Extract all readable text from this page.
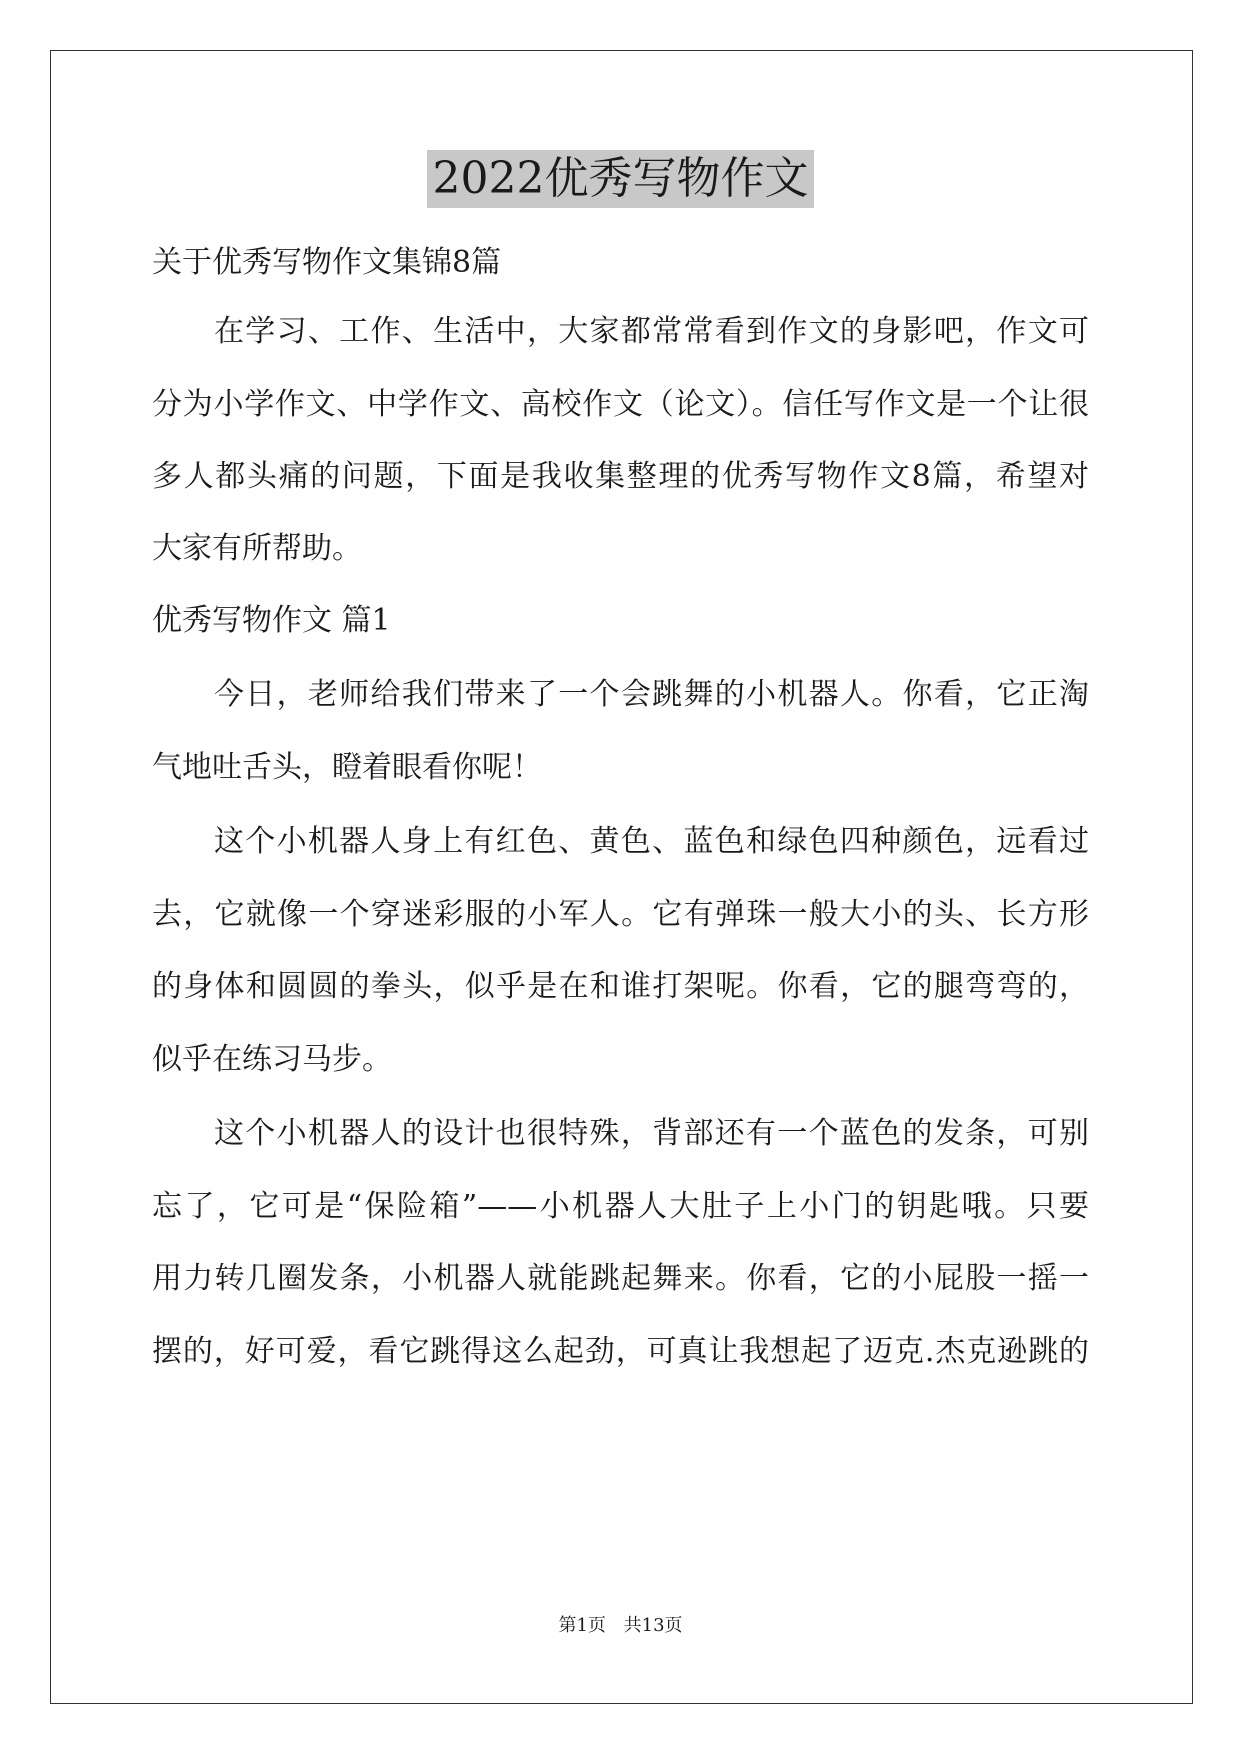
2022优秀写物作文
关于优秀写物作文集锦8篇
在学习、工作、生活中，大家都常常看到作文的身影吧，作文可
分为小学作文、中学作文、高校作文（论文）。信任写作文是一个让很
多人都头痛的问题，下面是我收集整理的优秀写物作文8篇，希望对
大家有所帮助。
优秀写物作文 篇1
今日，老师给我们带来了一个会跳舞的小机器人。你看，它正淘
气地吐舌头，瞪着眼看你呢！
这个小机器人身上有红色、黄色、蓝色和绿色四种颜色，远看过
去，它就像一个穿迷彩服的小军人。它有弹珠一般大小的头、长方形
的身体和圆圆的拳头，似乎是在和谁打架呢。你看，它的腿弯弯的，
似乎在练习马步。
这个小机器人的设计也很特殊，背部还有一个蓝色的发条，可别
忘了，它可是“保险箱”——小机器人大肚子上小门的钥匙哦。只要
用力转几圈发条，小机器人就能跳起舞来。你看，它的小屁股一摇一
摆的，好可爱，看它跳得这么起劲，可真让我想起了迈克.杰克逊跳的
第1页 共13页
